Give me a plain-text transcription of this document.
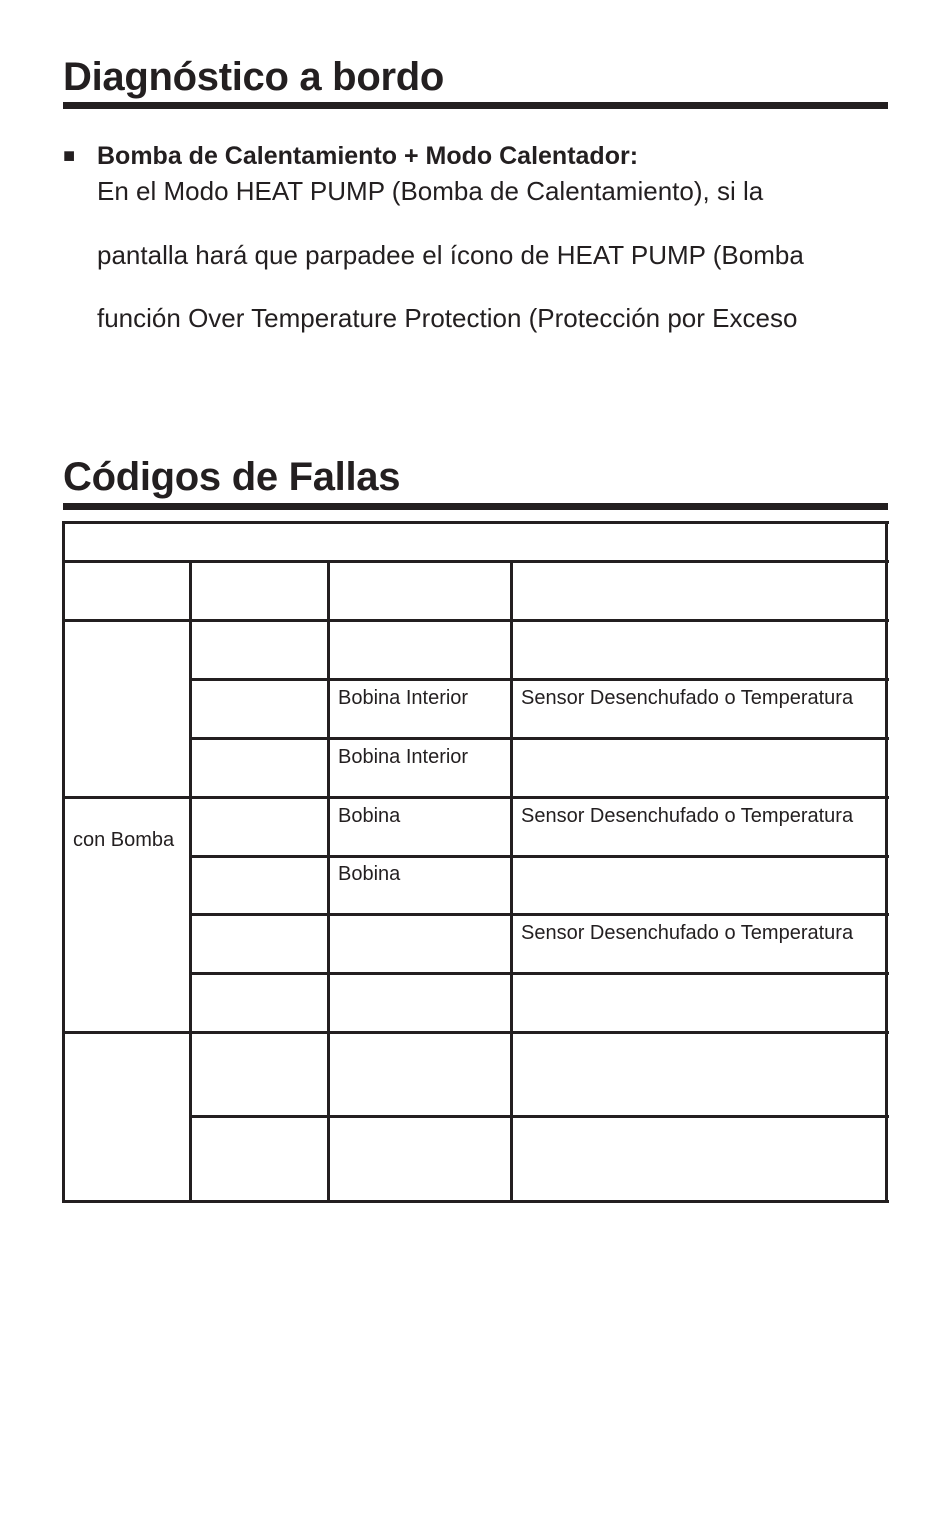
Diagnóstico a bordo
■ Bomba de Calentamiento + Modo Calentador:
En el Modo HEAT PUMP (Bomba de Calentamiento), si la
pantalla hará que parpadee el ícono de HEAT PUMP (Bomba
función Over Temperature Protection (Protección por Exceso
Códigos de Fallas
con Bomba
Bobina Interior
Bobina Interior
Bobina
Bobina
Sensor Desenchufado o Temperatura
Sensor Desenchufado o Temperatura
Sensor Desenchufado o Temperatura
